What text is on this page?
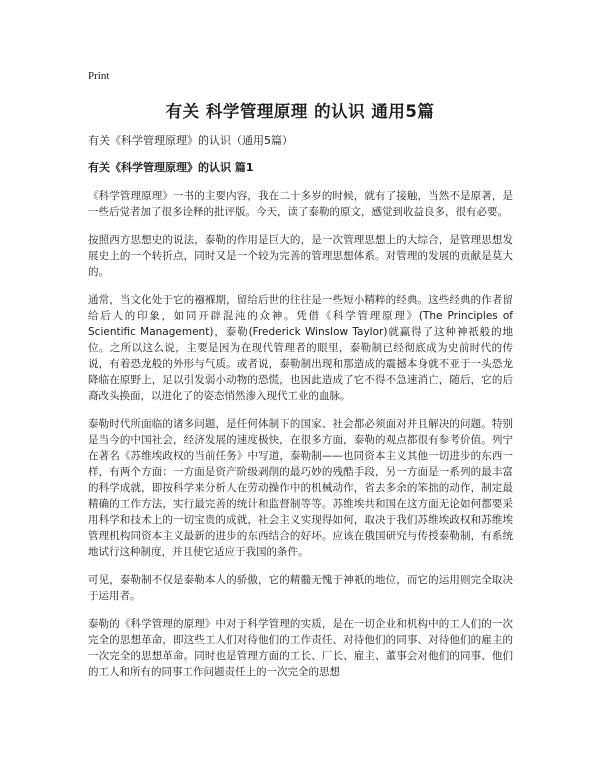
Print
有关 科学管理原理 的认识 通用5篇

有关《科学管理原理》的认识（通用5篇）

有关《科学管理原理》的认识 篇1

《科学管理原理》一书的主要内容，我在二十多岁的时候，就有了接触，当然不是原著，是一些后觉者加了很多诠释的批评版。今天，读了泰勒的原文，感觉到收益良多，很有必要。

按照西方思想史的说法，泰勒的作用是巨大的，是一次管理思想上的大综合，是管理思想发展史上的一个转折点，同时又是一个较为完善的管理思想体系。对管理的发展的贡献是莫大的。

通常，当文化处于它的襁褓期，留给后世的往往是一些短小精粹的经典。这些经典的作者留给后人的印象，如同开辟混沌的众神。凭借《科学管理原理》(The Principles of Scientific Management)，泰勒(Frederick Winslow Taylor)就赢得了这种神祇般的地位。之所以这么说，主要是因为在现代管理者的眼里，泰勒制已经彻底成为史前时代的传说，有着恐龙般的外形与气质。或者说，泰勒制出现和那造成的震撼本身就不亚于一头恐龙降临在原野上，足以引发弱小动物的恐慌，也因此造成了它不得不急速消亡，随后，它的后裔改头换面，以进化了的姿态悄然渗入现代工业的血脉。

泰勒时代所面临的诸多问题，是任何体制下的国家、社会都必须面对并且解决的问题。特别是当今的中国社会，经济发展的速度极快，在很多方面，泰勒的观点都很有参考价值。列宁在著名《苏维埃政权的当前任务》中写道，泰勒制——也同资本主义其他一切进步的东西一样，有两个方面：一方面是资产阶级剥削的最巧妙的残酷手段，另一方面是一系列的最丰富的科学成就，即按科学来分析人在劳动操作中的机械动作，省去多余的笨拙的动作，制定最精确的工作方法，实行最完善的统计和监督制等等。苏维埃共和国在这方面无论如何都要采用科学和技术上的一切宝贵的成就，社会主义实现得如何，取决于我们苏维埃政权和苏维埃管理机构同资本主义最新的进步的东西结合的好坏。应该在俄国研究与传授泰勒制，有系统地试行这种制度，并且使它适应于我国的条件。

可见，泰勒制不仅是泰勒本人的骄傲，它的精髓无愧于神祇的地位，而它的运用则完全取决于运用者。

泰勒的《科学管理的原理》中对于科学管理的实质，是在一切企业和机构中的工人们的一次完全的思想革命，即这些工人们对待他们的工作责任、对待他们的同事、对待他们的雇主的一次完全的思想革命。同时也是管理方面的工长、厂长、雇主、董事会对他们的同事、他们的工人和所有的同事工作问题责任上的一次完全的思想
